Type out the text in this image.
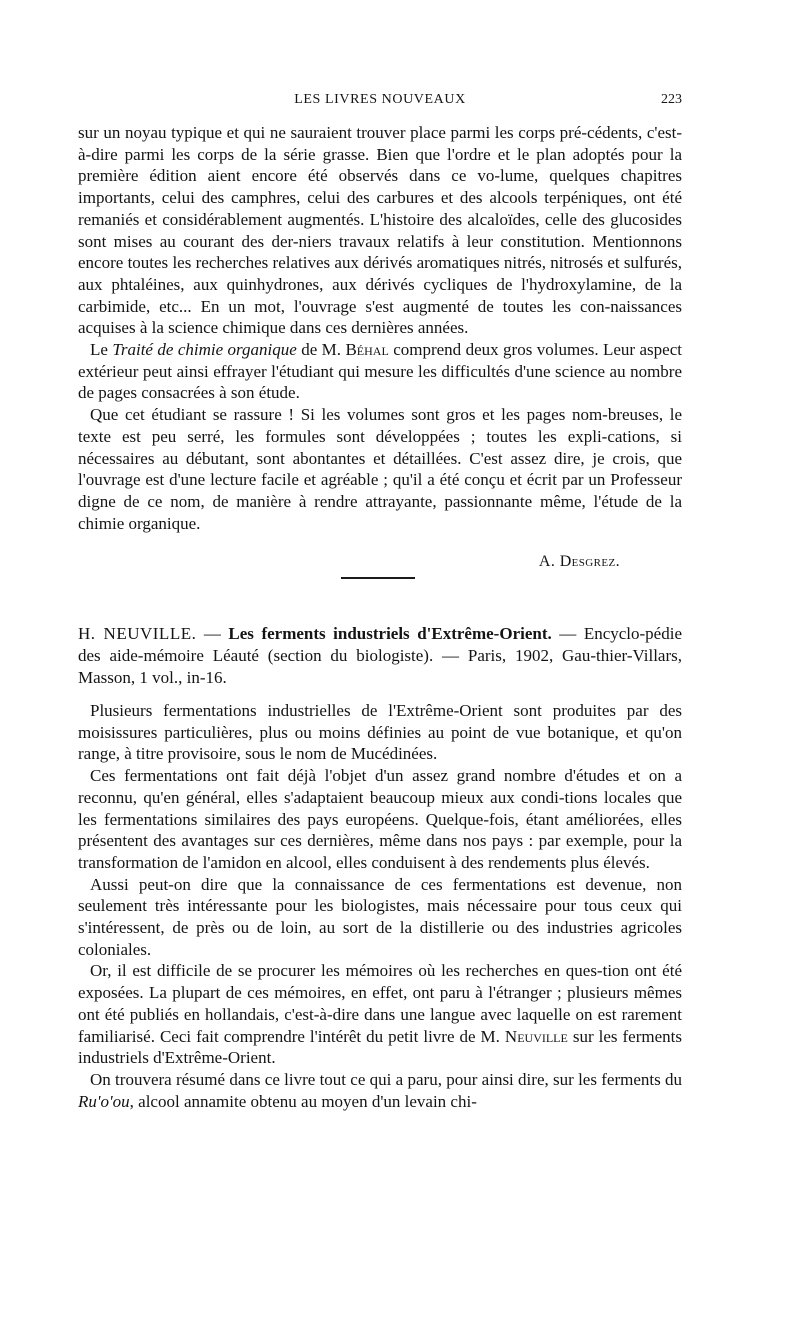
LES LIVRES NOUVEAUX	223

sur un noyau typique et qui ne sauraient trouver place parmi les corps pré-cédents, c'est-à-dire parmi les corps de la série grasse. Bien que l'ordre et le plan adoptés pour la première édition aient encore été observés dans ce vo-lume, quelques chapitres importants, celui des camphres, celui des carbures et des alcools terpéniques, ont été remaniés et considérablement augmentés. L'histoire des alcaloïdes, celle des glucosides sont mises au courant des der-niers travaux relatifs à leur constitution. Mentionnons encore toutes les recherches relatives aux dérivés aromatiques nitrés, nitrosés et sulfurés, aux phtaléines, aux quinhydrones, aux dérivés cycliques de l'hydroxylamine, de la carbimide, etc... En un mot, l'ouvrage s'est augmenté de toutes les con-naissances acquises à la science chimique dans ces dernières années.

Le Traité de chimie organique de M. Béhal comprend deux gros volumes. Leur aspect extérieur peut ainsi effrayer l'étudiant qui mesure les difficultés d'une science au nombre de pages consacrées à son étude.

Que cet étudiant se rassure ! Si les volumes sont gros et les pages nom-breuses, le texte est peu serré, les formules sont développées ; toutes les expli-cations, si nécessaires au débutant, sont abontantes et détaillées. C'est assez dire, je crois, que l'ouvrage est d'une lecture facile et agréable ; qu'il a été conçu et écrit par un Professeur digne de ce nom, de manière à rendre attrayante, passionnante même, l'étude de la chimie organique.

A. Desgrez.
H. NEUVILLE. — Les ferments industriels d'Extrême-Orient. — Encyclo-pédie des aide-mémoire Léauté (section du biologiste). — Paris, 1902, Gau-thier-Villars, Masson, 1 vol., in-16.

Plusieurs fermentations industrielles de l'Extrême-Orient sont produites par des moisissures particulières, plus ou moins définies au point de vue botanique, et qu'on range, à titre provisoire, sous le nom de Mucédinées.

Ces fermentations ont fait déjà l'objet d'un assez grand nombre d'études et on a reconnu, qu'en général, elles s'adaptaient beaucoup mieux aux condi-tions locales que les fermentations similaires des pays européens. Quelque-fois, étant améliorées, elles présentent des avantages sur ces dernières, même dans nos pays : par exemple, pour la transformation de l'amidon en alcool, elles conduisent à des rendements plus élevés.

Aussi peut-on dire que la connaissance de ces fermentations est devenue, non seulement très intéressante pour les biologistes, mais nécessaire pour tous ceux qui s'intéressent, de près ou de loin, au sort de la distillerie ou des industries agricoles coloniales.

Or, il est difficile de se procurer les mémoires où les recherches en ques-tion ont été exposées. La plupart de ces mémoires, en effet, ont paru à l'étranger ; plusieurs mêmes ont été publiés en hollandais, c'est-à-dire dans une langue avec laquelle on est rarement familiarisé. Ceci fait comprendre l'intérêt du petit livre de M. Neuville sur les ferments industriels d'Extrême-Orient.

On trouvera résumé dans ce livre tout ce qui a paru, pour ainsi dire, sur les ferments du Ru'o'ou, alcool annamite obtenu au moyen d'un levain chi-
